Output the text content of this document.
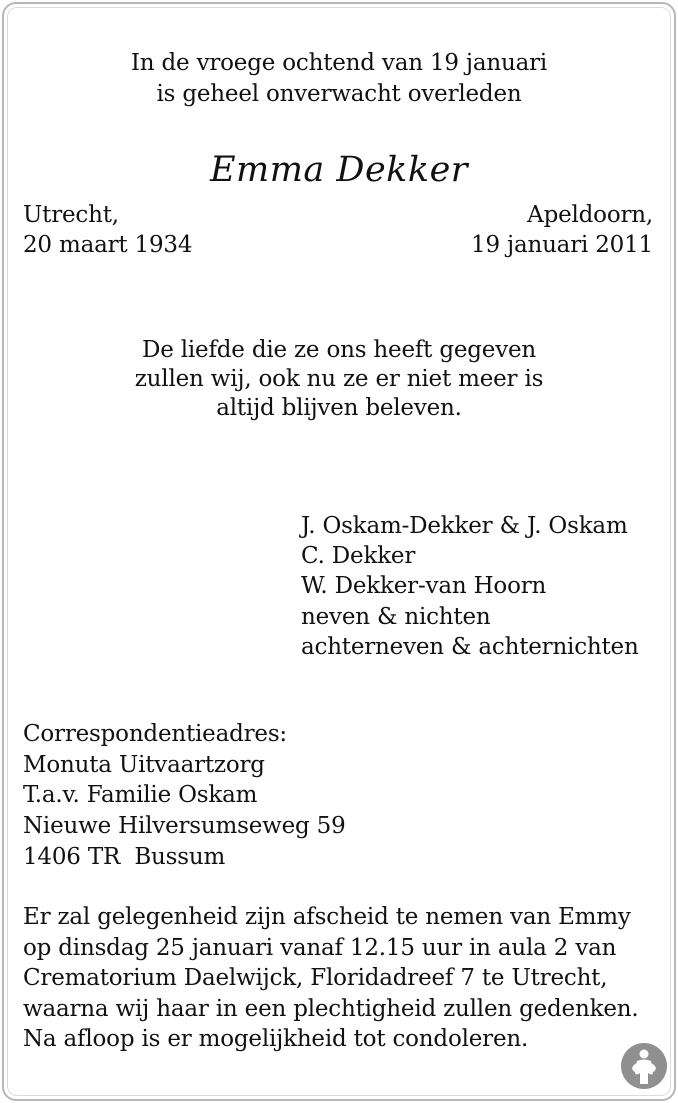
In de vroege ochtend van 19 januari
is geheel onverwacht overleden
Emma Dekker
Utrecht,
20 maart 1934
Apeldoorn,
19 januari 2011
De liefde die ze ons heeft gegeven
zullen wij, ook nu ze er niet meer is
altijd blijven beleven.
J. Oskam-Dekker & J. Oskam
C. Dekker
W. Dekker-van Hoorn
neven & nichten
achterneven & achternichten
Correspondentieadres:
Monuta Uitvaartzorg
T.a.v. Familie Oskam
Nieuwe Hilversumseweg 59
1406 TR  Bussum
Er zal gelegenheid zijn afscheid te nemen van Emmy
op dinsdag 25 januari vanaf 12.15 uur in aula 2 van
Crematorium Daelwijck, Floridadreef 7 te Utrecht,
waarna wij haar in een plechtigheid zullen gedenken.
Na afloop is er mogelijkheid tot condoleren.
